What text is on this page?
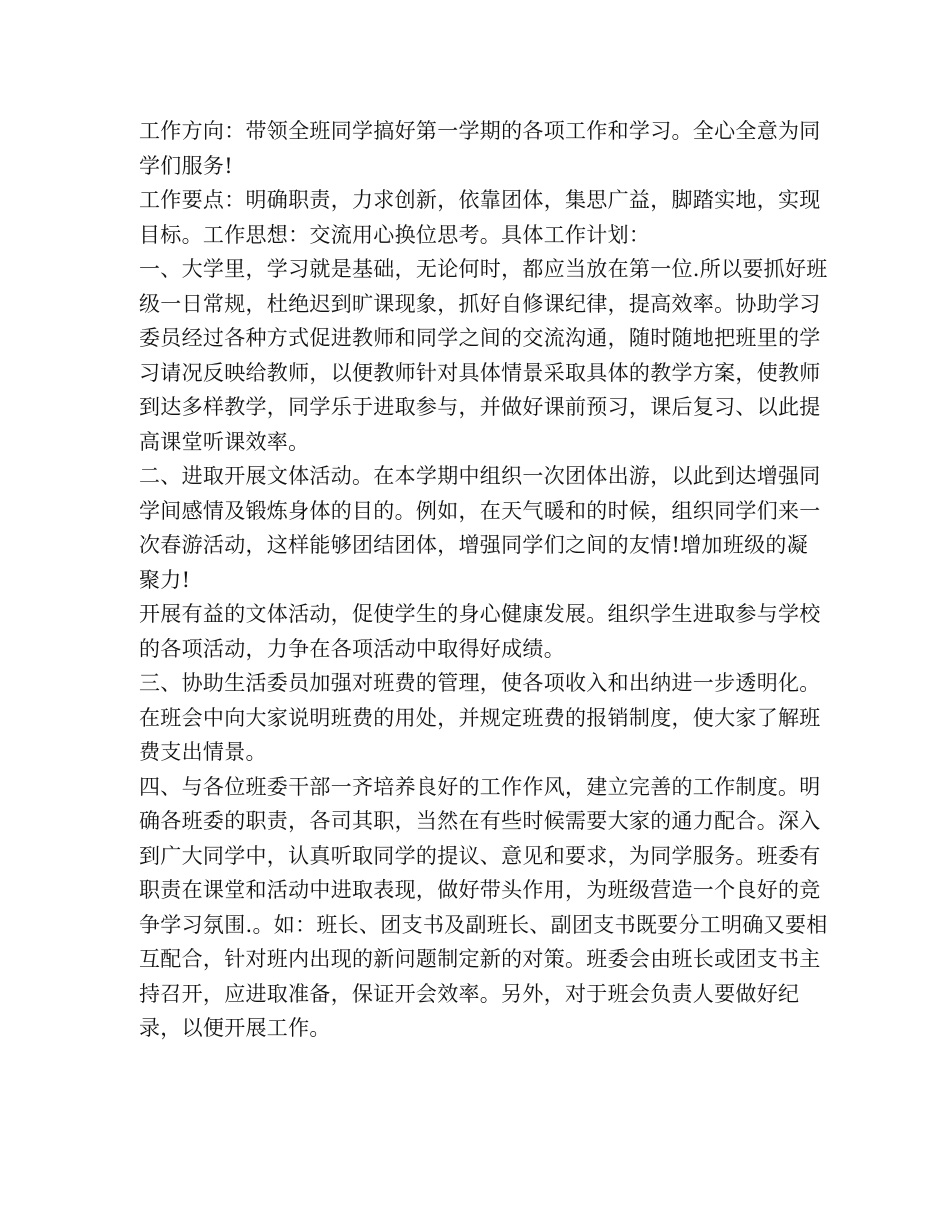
工作方向：带领全班同学搞好第一学期的各项工作和学习。全心全意为同学们服务!

工作要点：明确职责，力求创新，依靠团体，集思广益，脚踏实地，实现目标。工作思想：交流用心换位思考。具体工作计划：

一、大学里，学习就是基础，无论何时，都应当放在第一位.所以要抓好班级一日常规，杜绝迟到旷课现象，抓好自修课纪律，提高效率。协助学习委员经过各种方式促进教师和同学之间的交流沟通，随时随地把班里的学习请况反映给教师，以便教师针对具体情景采取具体的教学方案，使教师到达多样教学，同学乐于进取参与，并做好课前预习，课后复习、以此提高课堂听课效率。

二、进取开展文体活动。在本学期中组织一次团体出游，以此到达增强同学间感情及锻炼身体的目的。例如，在天气暖和的时候，组织同学们来一次春游活动，这样能够团结团体，增强同学们之间的友情!增加班级的凝聚力!

开展有益的文体活动，促使学生的身心健康发展。组织学生进取参与学校的各项活动，力争在各项活动中取得好成绩。

三、协助生活委员加强对班费的管理，使各项收入和出纳进一步透明化。在班会中向大家说明班费的用处，并规定班费的报销制度，使大家了解班费支出情景。

四、与各位班委干部一齐培养良好的工作作风，建立完善的工作制度。明确各班委的职责，各司其职，当然在有些时候需要大家的通力配合。深入到广大同学中，认真听取同学的提议、意见和要求，为同学服务。班委有职责在课堂和活动中进取表现，做好带头作用，为班级营造一个良好的竞争学习氛围.。如：班长、团支书及副班长、副团支书既要分工明确又要相互配合，针对班内出现的新问题制定新的对策。班委会由班长或团支书主持召开，应进取准备，保证开会效率。另外，对于班会负责人要做好纪录，以便开展工作。
